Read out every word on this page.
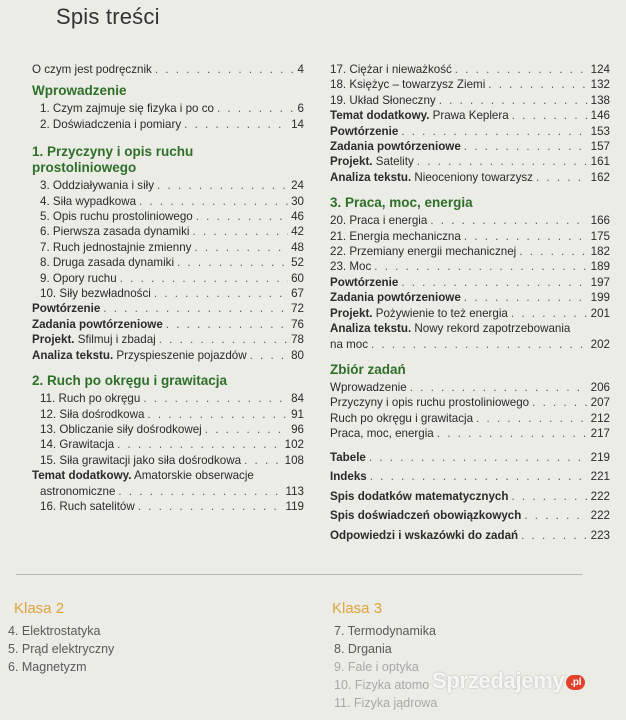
Spis treści
O czym jest podręcznik . . .	4
Wprowadzenie
1. Czym zajmuje się fizyka i po co . . .	6
2. Doświadczenia i pomiary . . .	14
1. Przyczyny i opis ruchu prostoliniowego
3. Oddziaływania i siły . . .	24
4. Siła wypadkowa . . .	30
5. Opis ruchu prostoliniowego . . .	46
6. Pierwsza zasada dynamiki . . .	42
7. Ruch jednostajnie zmienny . . .	48
8. Druga zasada dynamiki . . .	52
9. Opory ruchu . . .	60
10. Siły bezwładności . . .	67
Powtórzenie . . .	72
Zadania powtórzeniowe . . .	76
Projekt. Sfilmuj i zbadaj . . .	78
Analiza tekstu. Przyspieszenie pojazdów . . .	80
2. Ruch po okręgu i grawitacja
11. Ruch po okręgu . . .	84
12. Siła dośrodkowa . . .	91
13. Obliczanie siły dośrodkowej . . .	96
14. Grawitacja . . .	102
15. Siła grawitacji jako siła dośrodkowa . . .	108
Temat dodatkowy. Amatorskie obserwacje
astronomiczne . . .	113
16. Ruch satelitów . . .	119
17. Ciężar i nieważkość . . .	124
18. Księżyc – towarzysz Ziemi . . .	132
19. Układ Słoneczny . . .	138
Temat dodatkowy. Prawa Keplera . . .	146
Powtórzenie . . .	153
Zadania powtórzeniowe . . .	157
Projekt. Satelity . . .	161
Analiza tekstu. Nieoceniony towarzysz . . .	162
3. Praca, moc, energia
20. Praca i energia . . .	166
21. Energia mechaniczna . . .	175
22. Przemiany energii mechanicznej . . .	182
23. Moc . . .	189
Powtórzenie . . .	197
Zadania powtórzeniowe . . .	199
Projekt. Pożywienie to też energia . . .	201
Analiza tekstu. Nowy rekord zapotrzebowania
na moc . . .	202
Zbiór zadań
Wprowadzenie . . .	206
Przyczyny i opis ruchu prostoliniowego . . .	207
Ruch po okręgu i grawitacja . . .	212
Praca, moc, energia . . .	217
Tabele . . .	219
Indeks . . .	221
Spis dodatków matematycznych . . .	222
Spis doświadczeń obowiązkowych . . .	222
Odpowiedzi i wskazówki do zadań . . .	223
Klasa 2
4. Elektrostatyka
5. Prąd elektryczny
6. Magnetyzm
Klasa 3
7. Termodynamika
8. Drgania
9. Fale i optyka
10. Fizyka atomo
11. Fizyka jądrowa
Sprzedajemy .pl
